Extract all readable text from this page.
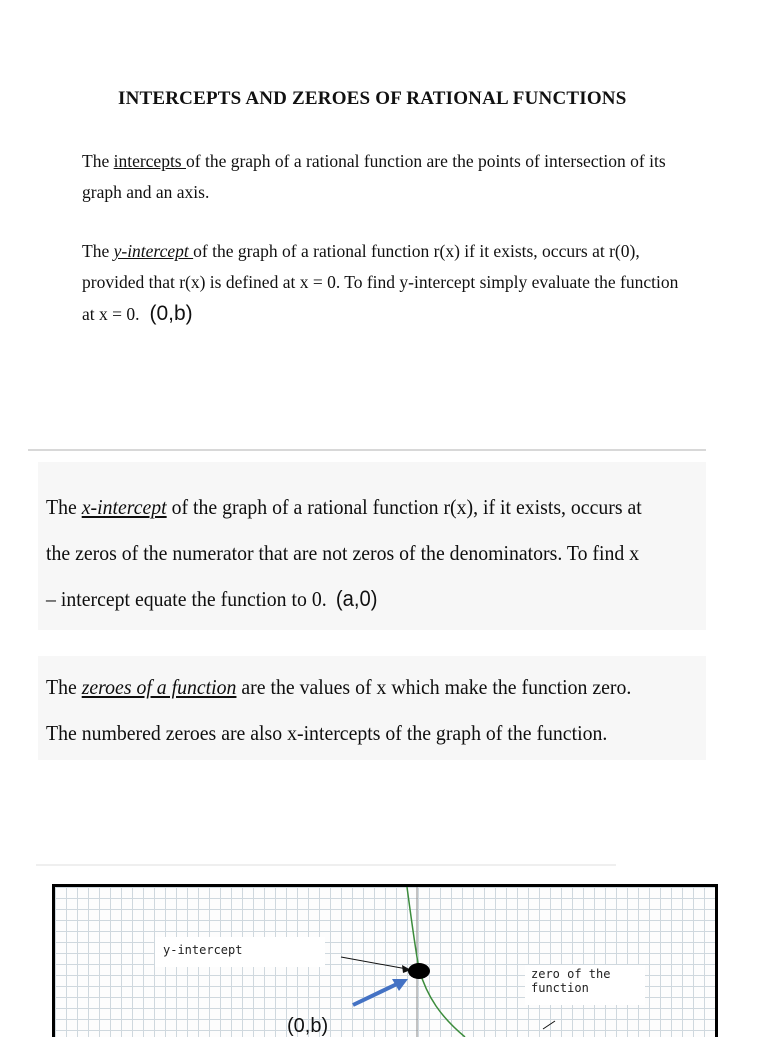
INTERCEPTS AND ZEROES OF RATIONAL FUNCTIONS
The intercepts of the graph of a rational function are the points of intersection of its graph and an axis.
The y-intercept of the graph of a rational function r(x) if it exists, occurs at r(0), provided that r(x) is defined at x = 0. To find y-intercept simply evaluate the function at x = 0. (0,b)
The x-intercept of the graph of a rational function r(x), if it exists, occurs at the zeros of the numerator that are not zeros of the denominators. To find x – intercept equate the function to 0. (a,0)
The zeroes of a function are the values of x which make the function zero. The numbered zeroes are also x-intercepts of the graph of the function.
y-intercept
zero of the function
(0,b)
